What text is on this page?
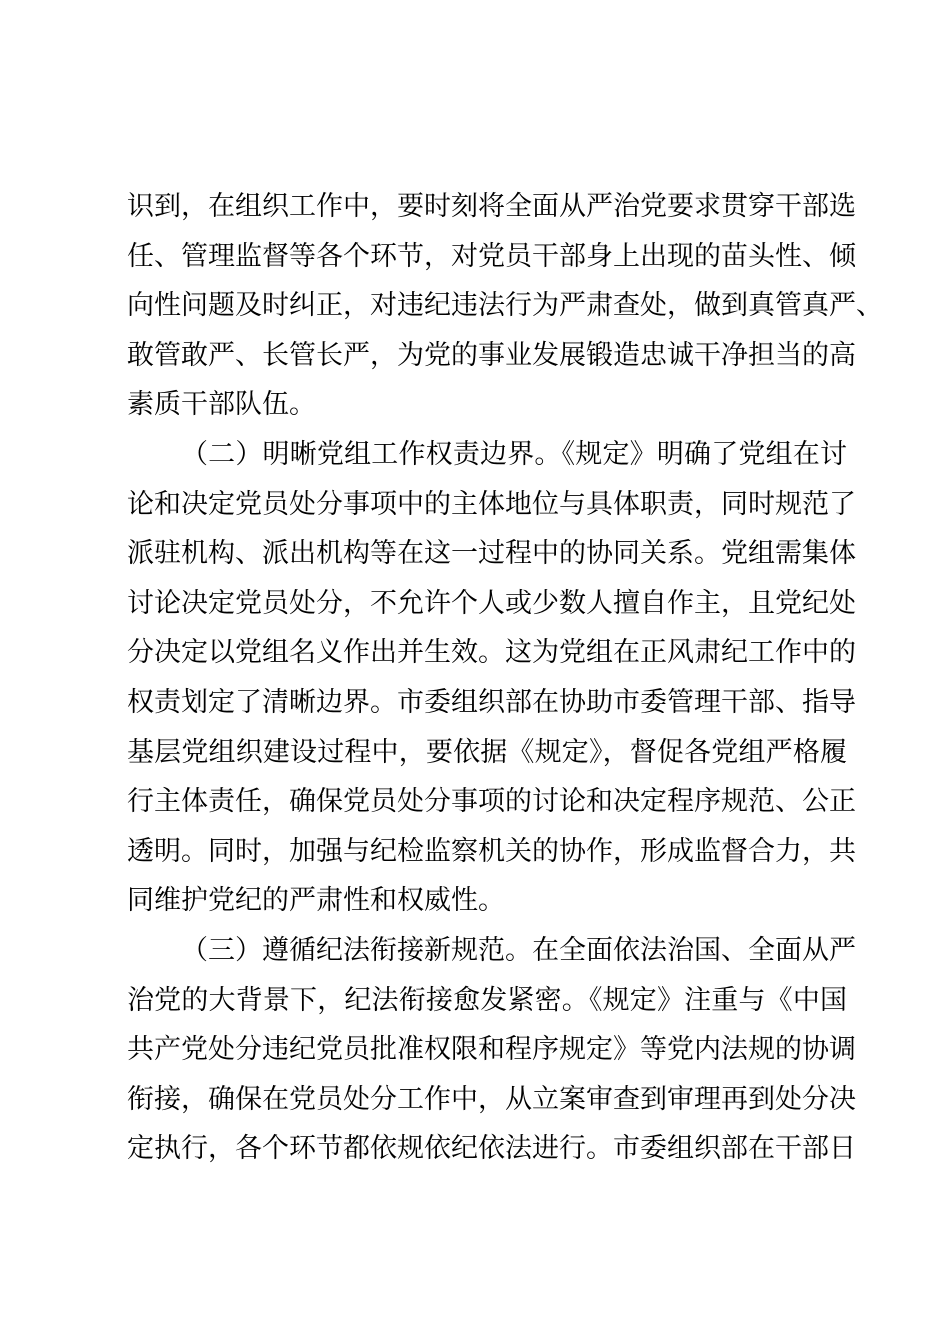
识到，在组织工作中，要时刻将全面从严治党要求贯穿干部选
任、管理监督等各个环节，对党员干部身上出现的苗头性、倾
向性问题及时纠正，对违纪违法行为严肃查处，做到真管真严、
敢管敢严、长管长严，为党的事业发展锻造忠诚干净担当的高
素质干部队伍。
（二）明晰党组工作权责边界。《规定》明确了党组在讨
论和决定党员处分事项中的主体地位与具体职责，同时规范了
派驻机构、派出机构等在这一过程中的协同关系。党组需集体
讨论决定党员处分，不允许个人或少数人擅自作主，且党纪处
分决定以党组名义作出并生效。这为党组在正风肃纪工作中的
权责划定了清晰边界。市委组织部在协助市委管理干部、指导
基层党组织建设过程中，要依据《规定》，督促各党组严格履
行主体责任，确保党员处分事项的讨论和决定程序规范、公正
透明。同时，加强与纪检监察机关的协作，形成监督合力，共
同维护党纪的严肃性和权威性。
（三）遵循纪法衔接新规范。在全面依法治国、全面从严
治党的大背景下，纪法衔接愈发紧密。《规定》注重与《中国
共产党处分违纪党员批准权限和程序规定》等党内法规的协调
衔接，确保在党员处分工作中，从立案审查到审理再到处分决
定执行，各个环节都依规依纪依法进行。市委组织部在干部日
